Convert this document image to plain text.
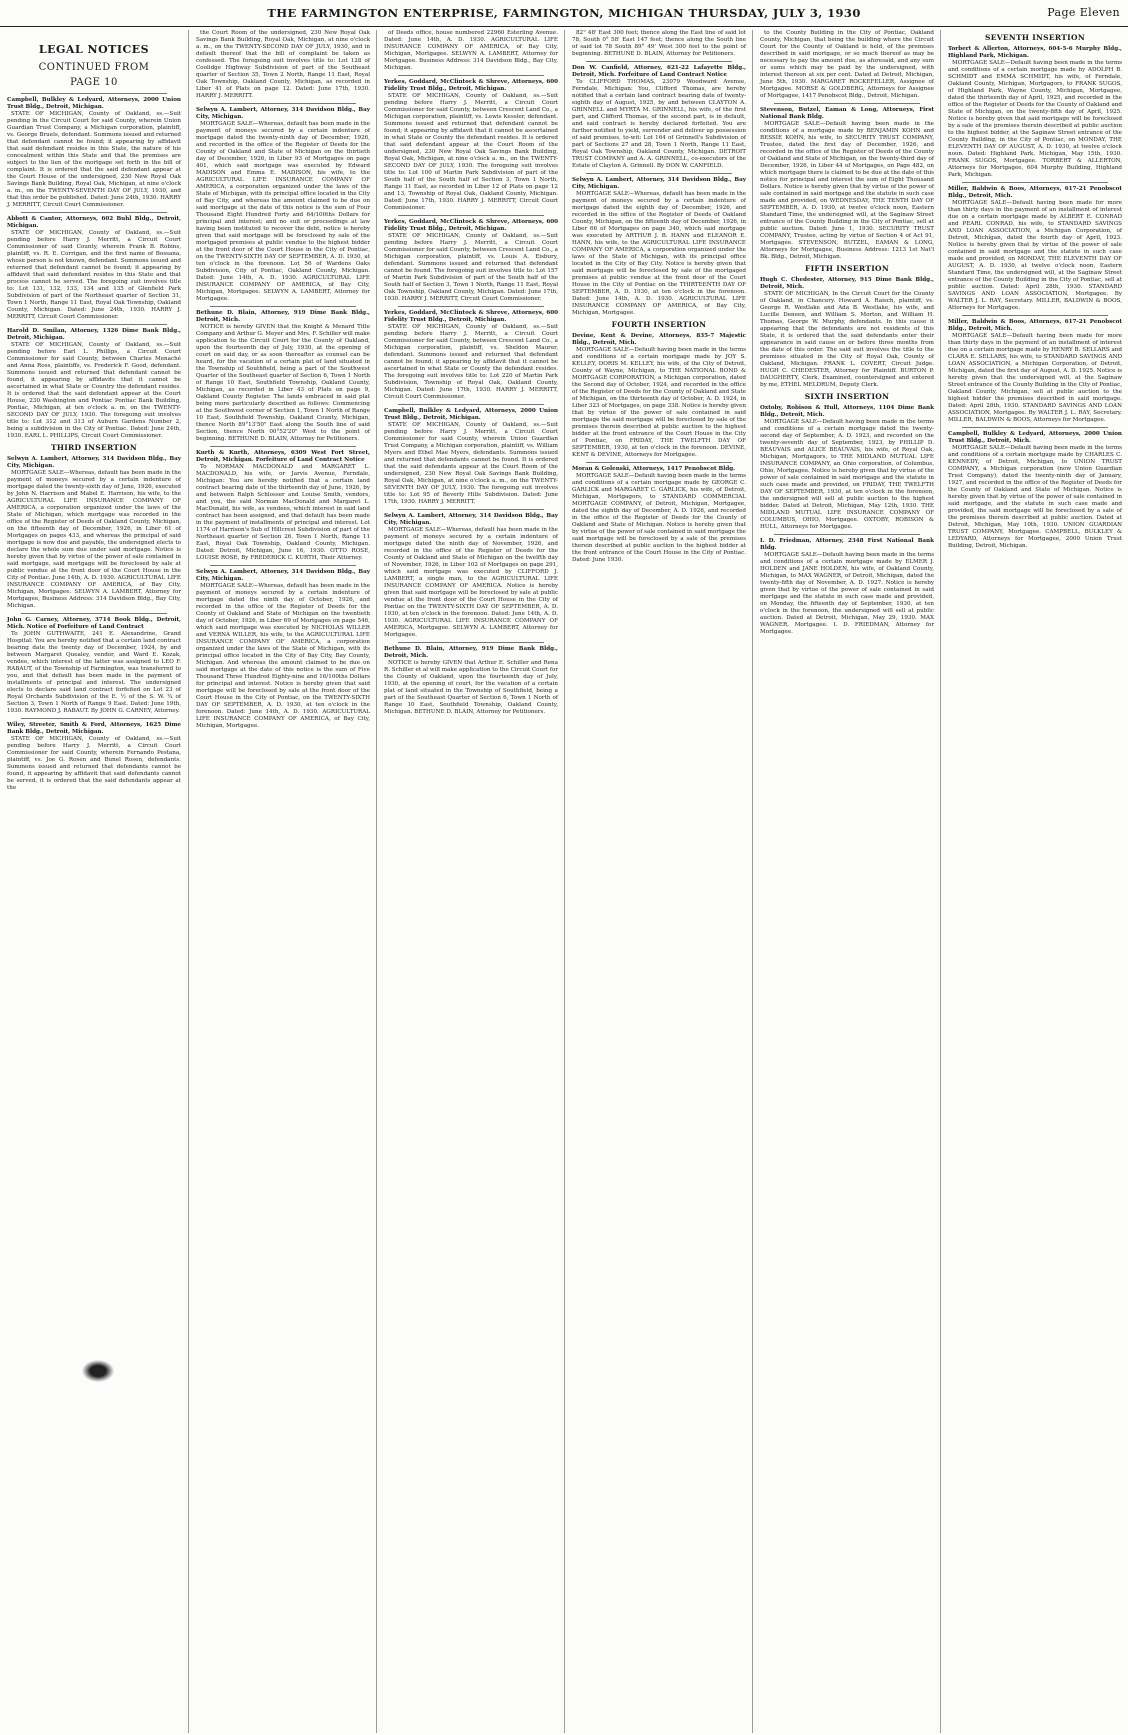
THE FARMINGTON ENTERPRISE, FARMINGTON, MICHIGAN THURSDAY, JULY 3, 1930	Page Eleven
LEGAL NOTICES
CONTINUED FROM
PAGE 10
Campbell, Bulkley & Ledyard, Attorneys, 2000 Union Trust Bldg., Detroit, Michigan.
STATE OF MICHIGAN, County of Oakland, ss.—Suit pending in the Circuit Court for said County, wherein Union Guardian Trust Company, a Michigan corporation, plaintiff, vs. George Bruels, defendant. Summons issued and returned that defendant cannot be found; it appearing by affidavit that said defendant resides in this State, the nature of his concealment within this State and that the premises are subject to the lien of the mortgage set forth in the bill of complaint. It is ordered that the said defendant appear at the Court House of the undersigned, 230 New Royal Oak Savings Bank Building, Royal Oak, Michigan, at nine o'clock a. m., on the TWENTY-SEVENTH DAY OF JULY, 1930, and that this order be published. Dated: June 24th, 1930. HARRY J. MERRITT, Circuit Court Commissioner.
Abbott & Cantor, Attorneys, 602 Buhl Bldg., Detroit, Michigan.
STATE OF MICHIGAN, County of Oakland, ss.—Suit pending before Harry J. Merritt, a Circuit Court Commissioner of said County, wherein Frank B. Robins, plaintiff, vs. R. E. Corrigan, and the first name of Bossana, whose person is not known, defendant. Summons issued and returned that defendant cannot be found; it appearing by affidavit that said defendant resides in this State and that process cannot be served. The foregoing suit involves title to: Lot 131, 132, 133, 134 and 135 of Glenfield Park Subdivision of part of the Northeast quarter of Section 31, Town 1 North, Range 11 East, Royal Oak Township, Oakland County, Michigan. Dated: June 24th, 1930. HARRY J. MERRITT, Circuit Court Commissioner.
Harold D. Smilan, Attorney, 1326 Dime Bank Bldg., Detroit, Michigan.
STATE OF MICHIGAN, County of Oakland, ss.—Suit pending before Earl L. Phillips, a Circuit Court Commissioner for said County, between Charles Menaché and Anna Ross, plaintiffs, vs. Frederick F. Good, defendant. Summons issued and returned that defendant cannot be found, it appearing by affidavits that it cannot be ascertained in what State or Country the defendant resides. It is ordered that the said defendant appear at the Court House, 230 Washington and Pontiac Pontiac Bank Building, Pontiac, Michigan, at ten o'clock a. m. on the TWENTY-SECOND DAY OF JULY, 1930. The foregoing suit involves title to: Lot 312 and 313 of Auburn Gardens Number 2, being a subdivision in the City of Pontiac. Dated: June 24th, 1930. EARL L. PHILLIPS, Circuit Court Commissioner.
THIRD INSERTION
Selwyn A. Lambert, Attorney, 314 Davidson Bldg., Bay City, Michigan.
MORTGAGE SALE—Whereas, default has been made in the payment of moneys secured by a certain indenture of mortgage dated the twenty-sixth day of June, 1926, executed by John N. Harrison and Mabel E. Harrison, his wife, to the AGRICULTURAL LIFE INSURANCE COMPANY OF AMERICA, a corporation organized under the laws of the State of Michigan, which mortgage was recorded in the office of the Register of Deeds of Oakland County, Michigan, on the fifteenth day of December, 1926, in Liber 61 of Mortgages on pages 433, and whereas the principal of said mortgage is now due and payable, the undersigned elects to declare the whole sum due under said mortgage. Notice is hereby given that by virtue of the power of sale contained in said mortgage, said mortgage will be foreclosed by sale at public vendue at the front door of the Court House in the City of Pontiac. June 14th, A. D. 1930. AGRICULTURAL LIFE INSURANCE COMPANY OF AMERICA, of Bay City, Michigan, Mortgagee. SELWYN A. LAMBERT, Attorney for Mortgagee, Business Address: 314 Davidson Bldg., Bay City, Michigan.
John G. Carney, Attorney, 3714 Book Bldg., Detroit, Mich. Notice of Forfeiture of Land Contract
To JOHN GUTHWAITE, 241 E. Alexandrine, Grand Hospital: You are hereby notified that a certain land contract bearing date the twenty day of December, 1924, by and between Margaret Quealey, vendor, and Ward E. Kozak, vendee, which interest of the latter was assigned to LEO F. RABAUT, of the Township of Farmington, was transferred to you, and that default has been made in the payment of installments of principal and interest. The undersigned elects to declare said land contract forfeited on Lot 23 of Royal Orchards Subdivision of the E. ½ of the S. W. ¼ of Section 3, Town 1 North of Range 9 East. Dated: June 19th, 1930. RAYMOND J. RABAUT. By JOHN G. CARNEY, Attorney.
Wiley, Streeter, Smith & Ford, Attorneys, 1625 Dime Bank Bldg., Detroit, Michigan.
STATE OF MICHIGAN, County of Oakland, ss.—Suit pending before Harry J. Merritt, a Circuit Court Commissioner for said County, wherein Fernando Pestana, plaintiff, vs. Joe G. Rosen and Bunel Rosen, defendants. Summons issued and returned that defendants cannot be found, it appearing by affidavit that said defendants cannot be served, it is ordered that the said defendants appear at the
the Court Room of the undersigned, 230 New Royal Oak Savings Bank Building, Royal Oak, Michigan, at nine o'clock a. m., on the TWENTY-SECOND DAY OF JULY, 1930, and in default thereof that the bill of complaint be taken as confessed. The foregoing suit involves title to: Lot 128 of Coolidge Highway Subdivision of part of the Southeast quarter of Section 35, Town 2 North, Range 11 East, Royal Oak Township, Oakland County, Michigan, as recorded in Liber 41 of Plats on page 12. Dated: June 17th, 1930. HARRY J. MERRITT.
Selwyn A. Lambert, Attorney, 314 Davidson Bldg., Bay City, Michigan.
MORTGAGE SALE—Whereas, default has been made in the payment of moneys secured by a certain indenture of mortgage dated the twenty-ninth day of December, 1926, and recorded in the office of the Register of Deeds for the County of Oakland and State of Michigan on the thirtieth day of December, 1926, in Liber 93 of Mortgages on page 401, which said mortgage was executed by Edward MADISON and Emma E. MADISON, his wife, to the AGRICULTURAL LIFE INSURANCE COMPANY OF AMERICA, a corporation organized under the laws of the State of Michigan, with its principal office located in the City of Bay City, and whereas the amount claimed to be due on said mortgage at the date of this notice is the sum of Four Thousand Eight Hundred Forty and 64/100ths Dollars for principal and interest; and no suit or proceedings at law having been instituted to recover the debt, notice is hereby given that said mortgage will be foreclosed by sale of the mortgaged premises at public vendue to the highest bidder at the front door of the Court House in the City of Pontiac, on the TWENTY-SIXTH DAY OF SEPTEMBER, A. D. 1930, at ten o'clock in the forenoon. Lot 56 of Wardens Oaks Subdivision, City of Pontiac, Oakland County, Michigan. Dated: June 14th, A. D. 1930. AGRICULTURAL LIFE INSURANCE COMPANY OF AMERICA, of Bay City, Michigan, Mortgagee. SELWYN A. LAMBERT, Attorney for Mortgagee.
Bethune D. Blain, Attorney, 919 Dime Bank Bldg., Detroit, Mich.
NOTICE is hereby GIVEN that the Knight & Menard Title Company and Arthur G. Meyer and Mrs. F. Schiller will make application to the Circuit Court for the County of Oakland, upon the fourteenth day of July, 1930, at the opening of court on said day, or as soon thereafter as counsel can be heard, for the vacation of a certain plat of land situated in the Township of Southfield, being a part of the Southwest Quarter of the Southeast quarter of Section 6, Town 1 North of Range 10 East, Southfield Township, Oakland County, Michigan, as recorded in Liber 43 of Plats on page 9, Oakland County Register. The lands embraced in said plat being more particularly described as follows: Commencing at the Southwest corner of Section 1, Town 1 North of Range 10 East, Southfield Township, Oakland County, Michigan, thence North 89°13'50" East along the South line of said Section, thence North 00°52'20" West to the point of beginning. BETHUNE D. BLAIN, Attorney for Petitioners.
Kurth & Kurth, Attorneys, 6309 West Fort Street, Detroit, Michigan. Forfeiture of Land Contract Notice
To NORMAN MACDONALD and MARGARET L. MACDONALD, his wife, or Jarvis Avenue, Ferndale, Michigan: You are hereby notified that a certain land contract bearing date of the thirteenth day of June, 1926, by and between Ralph Schlosser and Louise Smith, vendors, and you, the said Norman MacDonald and Margaret L. MacDonald, his wife, as vendees, which interest in said land contract has been assigned, and that default has been made in the payment of installments of principal and interest. Lot 1174 of Harrison's Sub of Hillcrest Subdivision of part of the Northeast quarter of Section 26, Town 1 North, Range 11 East, Royal Oak Township, Oakland County, Michigan. Dated: Detroit, Michigan, June 16, 1930. OTTO ROSE, LOUISE ROSE, By FREDERICK C. KURTH, Their Attorney.
Selwyn A. Lambert, Attorney, 314 Davidson Bldg., Bay City, Michigan.
MORTGAGE SALE—Whereas, default has been made in the payment of moneys secured by a certain indenture of mortgage dated the ninth day of October, 1926, and recorded in the office of the Register of Deeds for the County of Oakland and State of Michigan on the twentieth day of October, 1926, in Liber 69 of Mortgages on page 546, which said mortgage was executed by NICHOLAS WILLER and VERNA WILLER, his wife, to the AGRICULTURAL LIFE INSURANCE COMPANY OF AMERICA, a corporation organized under the laws of the State of Michigan, with its principal office located in the City of Bay City, Bay County, Michigan. And whereas the amount claimed to be due on said mortgage at the date of this notice is the sum of Five Thousand Three Hundred Eighty-nine and 16/100ths Dollars for principal and interest. Notice is hereby given that said mortgage will be foreclosed by sale at the front door of the Court House in the City of Pontiac, on the TWENTY-SIXTH DAY OF SEPTEMBER, A. D. 1930, at ten o'clock in the forenoon. Dated: June 14th, A. D. 1930. AGRICULTURAL LIFE INSURANCE COMPANY OF AMERICA, of Bay City, Michigan, Mortgagee.
of Deeds office, house numbered 22960 Esterling Avenue. Dated: June 14th, A. D. 1930. AGRICULTURAL LIFE INSURANCE COMPANY OF AMERICA, of Bay City, Michigan, Mortgagee. SELWYN A. LAMBERT, Attorney for Mortgagee. Business Address: 314 Davidson Bldg., Bay City, Michigan.
Yerkes, Goddard, McClintock & Shreve, Attorneys, 600 Fidelity Trust Bldg., Detroit, Michigan.
STATE OF MICHIGAN, County of Oakland, ss.—Suit pending before Harry J. Merritt, a Circuit Court Commissioner for said County, between Crescent Land Co., a Michigan corporation, plaintiff, vs. Lewis Kessler, defendant. Summons issued and returned that defendant cannot be found; it appearing by affidavit that it cannot be ascertained in what State or County the defendant resides. It is ordered that said defendant appear at the Court Room of the undersigned, 230 New Royal Oak Savings Bank Building, Royal Oak, Michigan, at nine o'clock a. m., on the TWENTY-SECOND DAY OF JULY, 1930. The foregoing suit involves title to: Lot 100 of Martin Park Subdivision of part of the South half of the South half of Section 3, Town 1 North, Range 11 East, as recorded in Liber 12 of Plats on page 12 and 13, Township of Royal Oak, Oakland County, Michigan. Dated: June 17th, 1930. HARRY J. MERRITT, Circuit Court Commissioner.
Yerkes, Goddard, McClintock & Shreve, Attorneys, 600 Fidelity Trust Bldg., Detroit, Michigan.
STATE OF MICHIGAN, County of Oakland, ss.—Suit pending before Harry J. Merritt, a Circuit Court Commissioner for said County, between Crescent Land Co., a Michigan corporation, plaintiff, vs. Louis A. Eisbury, defendant. Summons issued and returned that defendant cannot be found. The foregoing suit involves title to: Lot 157 of Martin Park Subdivision of part of the South half of the South half of Section 3, Town 1 North, Range 11 East, Royal Oak Township, Oakland County, Michigan. Dated: June 17th, 1930. HARRY J. MERRITT, Circuit Court Commissioner.
Yerkes, Goddard, McClintock & Shreve, Attorneys, 600 Fidelity Trust Bldg., Detroit, Michigan.
STATE OF MICHIGAN, County of Oakland, ss.—Suit pending before Harry J. Merritt, a Circuit Court Commissioner for said County, between Crescent Land Co., a Michigan corporation, plaintiff, vs. Sheldon Maurer, defendant. Summons issued and returned that defendant cannot be found; it appearing by affidavit that it cannot be ascertained in what State or County the defendant resides. The foregoing suit involves title to: Lot 220 of Martin Park Subdivision, Township of Royal Oak, Oakland County, Michigan. Dated: June 17th, 1930. HARRY J. MERRITT, Circuit Court Commissioner.
Campbell, Bulkley & Ledyard, Attorneys, 2000 Union Trust Bldg., Detroit, Michigan.
STATE OF MICHIGAN, County of Oakland, ss.—Suit pending before Harry J. Merritt, a Circuit Court Commissioner for said County, wherein Union Guardian Trust Company, a Michigan corporation, plaintiff, vs. William Myers and Ethel Mae Myers, defendants. Summons issued and returned that defendants cannot be found. It is ordered that the said defendants appear at the Court Room of the undersigned, 230 New Royal Oak Savings Bank Building, Royal Oak, Michigan, at nine o'clock a. m., on the TWENTY-SEVENTH DAY OF JULY, 1930. The foregoing suit involves title to: Lot 95 of Beverly Hills Subdivision. Dated: June 17th, 1930. HARRY J. MERRITT.
Selwyn A. Lambert, Attorney, 314 Davidson Bldg., Bay City, Michigan.
MORTGAGE SALE—Whereas, default has been made in the payment of moneys secured by a certain indenture of mortgage dated the ninth day of November, 1926, and recorded in the office of the Register of Deeds for the County of Oakland and State of Michigan on the twelfth day of November, 1926, in Liber 102 of Mortgages on page 291, which said mortgage was executed by CLIFFORD J. LAMBERT, a single man, to the AGRICULTURAL LIFE INSURANCE COMPANY OF AMERICA. Notice is hereby given that said mortgage will be foreclosed by sale at public vendue at the front door of the Court House in the City of Pontiac on the TWENTY-SIXTH DAY OF SEPTEMBER, A. D. 1930, at ten o'clock in the forenoon. Dated: June 14th, A. D. 1930. AGRICULTURAL LIFE INSURANCE COMPANY OF AMERICA, Mortgagee. SELWYN A. LAMBERT, Attorney for Mortgagee.
Bethune D. Blain, Attorney, 919 Dime Bank Bldg., Detroit, Mich.
NOTICE is hereby GIVEN that Arthur E. Schiller and Rena R. Schiller et al will make application to the Circuit Court for the County of Oakland, upon the fourteenth day of July, 1930, at the opening of court, for the vacation of a certain plat of land situated in the Township of Southfield, being a part of the Southeast Quarter of Section 6, Town 1 North of Range 10 East, Southfield Township, Oakland County, Michigan. BETHUNE D. BLAIN, Attorney for Petitioners.
82° 48' East 300 feet; thence along the East line of said lot 78, South 0° 58' East 147 feet; thence along the South line of said lot 78 South 89° 49' West 300 feet to the point of beginning. BETHUNE D. BLAIN, Attorney for Petitioners.
Don W. Canfield, Attorney, 621-22 Lafayette Bldg., Detroit, Mich. Forfeiture of Land Contract Notice
To CLIFFORD THOMAS, 23079 Woodward Avenue, Ferndale, Michigan: You, Clifford Thomas, are hereby notified that a certain land contract bearing date of twenty-eighth day of August, 1925, by and between CLAYTON A. GRINNELL and MYRTA M. GRINNELL, his wife, of the first part, and Clifford Thomas, of the second part, is in default, and said contract is hereby declared forfeited. You are further notified to yield, surrender and deliver up possession of said premises, to-wit: Lot 164 of Grinnell's Subdivision of part of Sections 27 and 28, Town 1 North, Range 11 East, Royal Oak Township, Oakland County, Michigan. DETROIT TRUST COMPANY and A. A. GRINNELL, co-executors of the Estate of Clayton A. Grinnell. By DON W. CANFIELD.
Selwyn A. Lambert, Attorney, 314 Davidson Bldg., Bay City, Michigan.
MORTGAGE SALE—Whereas, default has been made in the payment of moneys secured by a certain indenture of mortgage dated the eighth day of December, 1926, and recorded in the office of the Register of Deeds of Oakland County, Michigan, on the fifteenth day of December, 1926, in Liber 66 of Mortgages on page 340, which said mortgage was executed by ARTHUR J. B. HANN and ELEANOR E. HANN, his wife, to the AGRICULTURAL LIFE INSURANCE COMPANY OF AMERICA, a corporation organized under the laws of the State of Michigan, with its principal office located in the City of Bay City. Notice is hereby given that said mortgage will be foreclosed by sale of the mortgaged premises at public vendue at the front door of the Court House in the City of Pontiac on the THIRTEENTH DAY OF SEPTEMBER, A. D. 1930, at ten o'clock in the forenoon. Dated: June 14th, A. D. 1930. AGRICULTURAL LIFE INSURANCE COMPANY OF AMERICA, of Bay City, Michigan, Mortgagee.
FOURTH INSERTION
Devine, Kent & Devine, Attorneys, 835-7 Majestic Bldg., Detroit, Mich.
MORTGAGE SALE—Default having been made in the terms and conditions of a certain mortgage made by JOY S. KELLEY, DORIS M. KELLEY, his wife, of the City of Detroit, County of Wayne, Michigan, to THE NATIONAL BOND & MORTGAGE CORPORATION, a Michigan corporation, dated the Second day of October, 1924, and recorded in the office of the Register of Deeds for the County of Oakland and State of Michigan, on the thirteenth day of October, A. D. 1924, in Liber 323 of Mortgages, on page 338. Notice is hereby given that by virtue of the power of sale contained in said mortgage the said mortgage will be foreclosed by sale of the premises therein described at public auction to the highest bidder at the front entrance of the Court House in the City of Pontiac, on FRIDAY, THE TWELFTH DAY OF SEPTEMBER, 1930, at ten o'clock in the forenoon. DEVINE, KENT & DEVINE, Attorneys for Mortgagee.
Moran & Golenski, Attorneys, 1417 Penobscot Bldg.
MORTGAGE SALE—Default having been made in the terms and conditions of a certain mortgage made by GEORGE C. GARLICK and MARGARET C. GARLICK, his wife, of Detroit, Michigan, Mortgagors, to STANDARD COMMERCIAL MORTGAGE COMPANY, of Detroit, Michigan, Mortgagee, dated the eighth day of December, A. D. 1926, and recorded in the office of the Register of Deeds for the County of Oakland and State of Michigan. Notice is hereby given that by virtue of the power of sale contained in said mortgage the said mortgage will be foreclosed by a sale of the premises therein described at public auction to the highest bidder at the front entrance of the Court House in the City of Pontiac. Dated: June 1930.
to the County Building in the City of Pontiac, Oakland County, Michigan, that being the building where the Circuit Court for the County of Oakland is held, of the premises described in said mortgage, or so much thereof as may be necessary to pay the amount due, as aforesaid, and any sum or sums which may be paid by the undersigned, with interest thereon at six per cent. Dated at Detroit, Michigan, June 5th, 1930. MARGARET ROCKEFELLER, Assignee of Mortgagee. MORSE & GOLDBERG, Attorneys for Assignee of Mortgagee, 1417 Penobscot Bldg., Detroit, Michigan.
Stevenson, Butzel, Eaman & Long, Attorneys, First National Bank Bldg.
MORTGAGE SALE—Default having been made in the conditions of a mortgage made by BENJAMIN KOHN and BESSIE KOHN, his wife, to SECURITY TRUST COMPANY, Trustee, dated the first day of December, 1926, and recorded in the office of the Register of Deeds of the County of Oakland and State of Michigan, on the twenty-third day of December, 1926, in Liber 44 of Mortgages, on Page 482, on which mortgage there is claimed to be due at the date of this notice for principal and interest the sum of Eight Thousand Dollars. Notice is hereby given that by virtue of the power of sale contained in said mortgage and the statute in such case made and provided, on WEDNESDAY, THE TENTH DAY OF SEPTEMBER, A. D. 1930, at twelve o'clock noon, Eastern Standard Time, the undersigned will, at the Saginaw Street entrance of the County Building in the City of Pontiac, sell at public auction. Dated: June 1, 1930. SECURITY TRUST COMPANY, Trustee, acting by virtue of Section 4 of Act 91, Mortgagee. STEVENSON, BUTZEL, EAMAN & LONG, Attorneys for Mortgagee, Business Address: 1213 1st Nat'l Bk. Bldg., Detroit, Michigan.
FIFTH INSERTION
Hugh C. Chedester, Attorney, 915 Dime Bank Bldg., Detroit, Mich.
STATE OF MICHIGAN, In the Circuit Court for the County of Oakland, in Chancery. Howard A. Raisch, plaintiff, vs. George R. Westlake and Ada B. Westlake, his wife, and Lucille Deneen, and William S. Morton, and William H. Thomas, George W. Murphy, defendants. In this cause it appearing that the defendants are not residents of this State, it is ordered that the said defendants enter their appearance in said cause on or before three months from the date of this order. The said suit involves the title to the premises situated in the City of Royal Oak, County of Oakland, Michigan. FRANK L. COVERT, Circuit Judge. HUGH C. CHEDESTER, Attorney for Plaintiff. BURTON P. DAUGHERTY, Clerk. Examined, countersigned and entered by me, ETHEL MELDRUM, Deputy Clerk.
SIXTH INSERTION
Oxtoby, Robison & Hull, Attorneys, 1104 Dime Bank Bldg., Detroit, Mich.
MORTGAGE SALE—Default having been made in the terms and conditions of a certain mortgage dated the twenty-second day of September, A. D. 1923, and recorded on the twenty-seventh day of September, 1923, by PHILLIP D. BEAUVAIS and ALICE BEAUVAIS, his wife, of Royal Oak, Michigan, Mortgagors, to THE MIDLAND MUTUAL LIFE INSURANCE COMPANY, an Ohio corporation, of Columbus, Ohio, Mortgagee. Notice is hereby given that by virtue of the power of sale contained in said mortgage and the statute in such case made and provided, on FRIDAY, THE TWELFTH DAY OF SEPTEMBER, 1930, at ten o'clock in the forenoon, the undersigned will sell at public auction to the highest bidder. Dated at Detroit, Michigan, May 12th, 1930. THE MIDLAND MUTUAL LIFE INSURANCE COMPANY OF COLUMBUS, OHIO, Mortgagee. OXTOBY, ROBISON & HULL, Attorneys for Mortgagee.
I. D. Friedman, Attorney, 2348 First National Bank Bldg.
MORTGAGE SALE—Default having been made in the terms and conditions of a certain mortgage made by ELMER J. HOLDEN and JANE HOLDEN, his wife, of Oakland County, Michigan, to MAX WAGNER, of Detroit, Michigan, dated the twenty-fifth day of November, A. D. 1927. Notice is hereby given that by virtue of the power of sale contained in said mortgage and the statute in such case made and provided, on Monday, the fifteenth day of September, 1930, at ten o'clock in the forenoon, the undersigned will sell at public auction. Dated at Detroit, Michigan, May 29, 1930. MAX WAGNER, Mortgagee. I. D. FRIEDMAN, Attorney for Mortgagee.
SEVENTH INSERTION
Torbert & Allerton, Attorneys, 604-5-6 Murphy Bldg., Highland Park, Michigan.
MORTGAGE SALE—Default having been made in the terms and conditions of a certain mortgage made by ADOLPH B. SCHMIDT and EMMA SCHMIDT, his wife, of Ferndale, Oakland County, Michigan, Mortgagors, to FRANK SUGOS, of Highland Park, Wayne County, Michigan, Mortgagee, dated the thirteenth day of April, 1925, and recorded in the office of the Register of Deeds for the County of Oakland and State of Michigan, on the twenty-fifth day of April, 1925. Notice is hereby given that said mortgage will be foreclosed by a sale of the premises therein described at public auction to the highest bidder, at the Saginaw Street entrance of the County Building, in the City of Pontiac, on MONDAY, THE ELEVENTH DAY OF AUGUST, A. D. 1930, at twelve o'clock noon. Dated: Highland Park, Michigan, May 15th, 1930. FRANK SUGOS, Mortgagee. TORBERT & ALLERTON, Attorneys for Mortgagee, 604 Murphy Building, Highland Park, Michigan.
Miller, Baldwin & Boos, Attorneys, 617-21 Penobscot Bldg., Detroit, Mich.
MORTGAGE SALE—Default having been made for more than thirty days in the payment of an installment of interest due on a certain mortgage made by ALBERT E. CONRAD and PEARL CONRAD, his wife, to STANDARD SAVINGS AND LOAN ASSOCIATION, a Michigan Corporation, of Detroit, Michigan, dated the fourth day of April, 1923. Notice is hereby given that by virtue of the power of sale contained in said mortgage and the statute in such case made and provided, on MONDAY, THE ELEVENTH DAY OF AUGUST, A. D. 1930, at twelve o'clock noon, Eastern Standard Time, the undersigned will, at the Saginaw Street entrance of the County Building in the City of Pontiac, sell at public auction. Dated: April 28th, 1930. STANDARD SAVINGS AND LOAN ASSOCIATION, Mortgagee. By WALTER J. L. RAY, Secretary. MILLER, BALDWIN & BOOS, Attorneys for Mortgagee.
Miller, Baldwin & Boos, Attorneys, 617-21 Penobscot Bldg., Detroit, Mich.
MORTGAGE SALE—Default having been made for more than thirty days in the payment of an installment of interest due on a certain mortgage made by HENRY B. SELLARS and CLARA E. SELLARS, his wife, to STANDARD SAVINGS AND LOAN ASSOCIATION, a Michigan Corporation, of Detroit, Michigan, dated the first day of August, A. D. 1925. Notice is hereby given that the undersigned will, at the Saginaw Street entrance of the County Building in the City of Pontiac, Oakland County, Michigan, sell at public auction to the highest bidder the premises described in said mortgage. Dated: April 28th, 1930. STANDARD SAVINGS AND LOAN ASSOCIATION, Mortgagee. By WALTER J. L. RAY, Secretary. MILLER, BALDWIN & BOOS, Attorneys for Mortgagee.
Campbell, Bulkley & Ledyard, Attorneys, 2000 Union Trust Bldg., Detroit, Mich.
MORTGAGE SALE—Default having been made in the terms and conditions of a certain mortgage made by CHARLES C. KENNEDY, of Detroit, Michigan, to UNION TRUST COMPANY, a Michigan corporation (now Union Guardian Trust Company), dated the twenty-ninth day of January, 1927, and recorded in the office of the Register of Deeds for the County of Oakland and State of Michigan. Notice is hereby given that by virtue of the power of sale contained in said mortgage, and the statute in such case made and provided, the said mortgage will be foreclosed by a sale of the premises therein described at public auction. Dated at Detroit, Michigan, May 10th, 1930. UNION GUARDIAN TRUST COMPANY, Mortgagee. CAMPBELL, BULKLEY & LEDYARD, Attorneys for Mortgagee, 2000 Union Trust Building, Detroit, Michigan.
